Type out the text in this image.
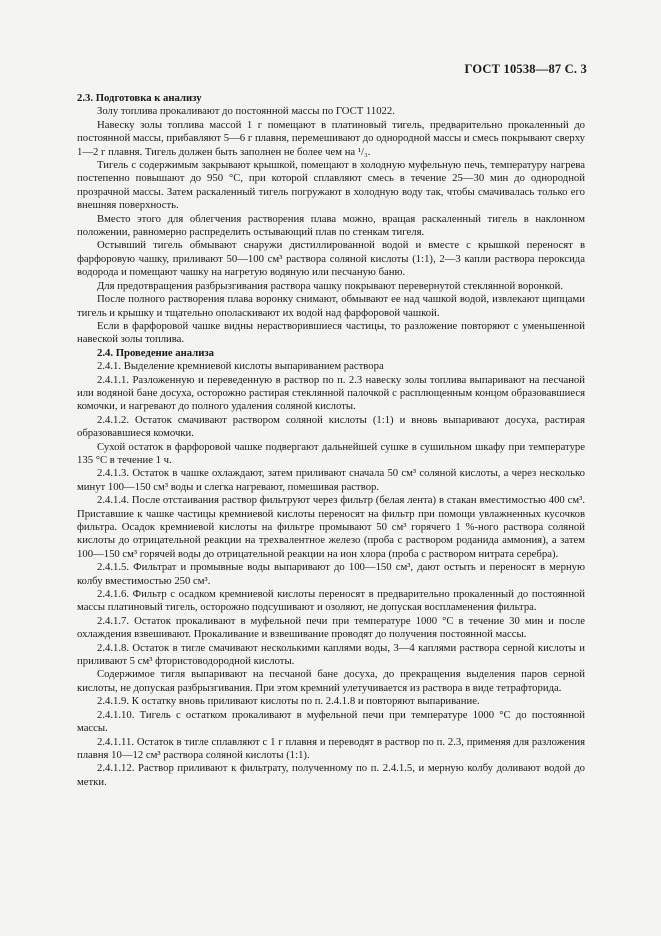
ГОСТ 10538—87 С. 3

2.3. Подготовка к анализу

Золу топлива прокаливают до постоянной массы по ГОСТ 11022.

Навеску золы топлива массой 1 г помещают в платиновый тигель, предварительно прокаленный до постоянной массы, прибавляют 5—6 г плавня, перемешивают до однородной массы и смесь покрывают сверху 1—2 г плавня. Тигель должен быть заполнен не более чем на ¹/₃.

Тигель с содержимым закрывают крышкой, помещают в холодную муфельную печь, температуру нагрева постепенно повышают до 950 °С, при которой сплавляют смесь в течение 25—30 мин до однородной прозрачной массы. Затем раскаленный тигель погружают в холодную воду так, чтобы смачивалась только его внешняя поверхность.

Вместо этого для облегчения растворения плава можно, вращая раскаленный тигель в наклонном положении, равномерно распределить остывающий плав по стенкам тигеля.

Остывший тигель обмывают снаружи дистиллированной водой и вместе с крышкой переносят в фарфоровую чашку, приливают 50—100 см³ раствора соляной кислоты (1:1), 2—3 капли раствора пероксида водорода и помещают чашку на нагретую водяную или песчаную баню.

Для предотвращения разбрызгивания раствора чашку покрывают перевернутой стеклянной воронкой.

После полного растворения плава воронку снимают, обмывают ее над чашкой водой, извлекают щипцами тигель и крышку и тщательно ополаскивают их водой над фарфоровой чашкой.

Если в фарфоровой чашке видны нерастворившиеся частицы, то разложение повторяют с уменьшенной навеской золы топлива.

2.4. Проведение анализа

2.4.1. Выделение кремниевой кислоты выпариванием раствора

2.4.1.1. Разложенную и переведенную в раствор по п. 2.3 навеску золы топлива выпаривают на песчаной или водяной бане досуха, осторожно растирая стеклянной палочкой с расплющенным концом образовавшиеся комочки, и нагревают до полного удаления соляной кислоты.

2.4.1.2. Остаток смачивают раствором соляной кислоты (1:1) и вновь выпаривают досуха, растирая образовавшиеся комочки.

Сухой остаток в фарфоровой чашке подвергают дальнейшей сушке в сушильном шкафу при температуре 135 °С в течение 1 ч.

2.4.1.3. Остаток в чашке охлаждают, затем приливают сначала 50 см³ соляной кислоты, а через несколько минут 100—150 см³ воды и слегка нагревают, помешивая раствор.

2.4.1.4. После отстаивания раствор фильтруют через фильтр (белая лента) в стакан вместимостью 400 см³. Приставшие к чашке частицы кремниевой кислоты переносят на фильтр при помощи увлажненных кусочков фильтра. Осадок кремниевой кислоты на фильтре промывают 50 см³ горячего 1 %-ного раствора соляной кислоты до отрицательной реакции на трехвалентное железо (проба с раствором роданида аммония), а затем 100—150 см³ горячей воды до отрицательной реакции на ион хлора (проба с раствором нитрата серебра).

2.4.1.5. Фильтрат и промывные воды выпаривают до 100—150 см³, дают остыть и переносят в мерную колбу вместимостью 250 см³.

2.4.1.6. Фильтр с осадком кремниевой кислоты переносят в предварительно прокаленный до постоянной массы платиновый тигель, осторожно подсушивают и озоляют, не допуская воспламенения фильтра.

2.4.1.7. Остаток прокаливают в муфельной печи при температуре 1000 °С в течение 30 мин и после охлаждения взвешивают. Прокаливание и взвешивание проводят до получения постоянной массы.

2.4.1.8. Остаток в тигле смачивают несколькими каплями воды, 3—4 каплями раствора серной кислоты и приливают 5 см³ фтористоводородной кислоты.

Содержимое тигля выпаривают на песчаной бане досуха, до прекращения выделения паров серной кислоты, не допуская разбрызгивания. При этом кремний улетучивается из раствора в виде тетрафторида.

2.4.1.9. К остатку вновь приливают кислоты по п. 2.4.1.8 и повторяют выпаривание.

2.4.1.10. Тигель с остатком прокаливают в муфельной печи при температуре 1000 °С до постоянной массы.

2.4.1.11. Остаток в тигле сплавляют с 1 г плавня и переводят в раствор по п. 2.3, применяя для разложения плавня 10—12 см³ раствора соляной кислоты (1:1).

2.4.1.12. Раствор приливают к фильтрату, полученному по п. 2.4.1.5, и мерную колбу доливают водой до метки.
